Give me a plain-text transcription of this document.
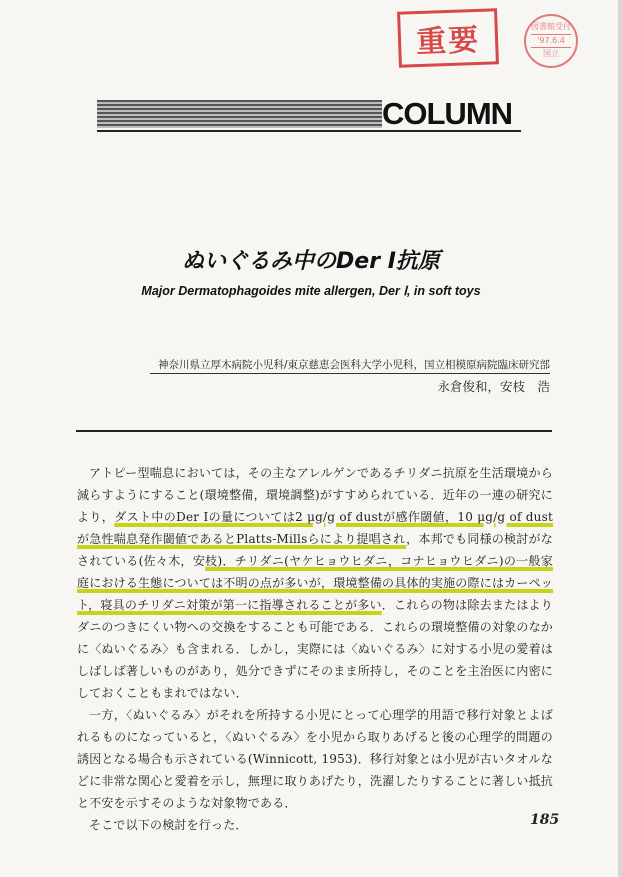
重要	図書館受付
'97.6.4
国立
COLUMN
ぬいぐるみ中のDer I抗原
Major Dermatophagoides mite allergen, Der Ⅰ, in soft toys
神奈川県立厚木病院小児科/東京慈恵会医科大学小児科，国立相模原病院臨床研究部
永倉俊和，安枝　浩

アトピー型喘息においては，その主なアレルゲンであるチリダニ抗原を生活環境から減らすようにすること(環境整備，環境調整)がすすめられている．近年の一連の研究により，ダスト中のDer Ⅰの量については2 μg/g of dustが感作閾値，10 μg/g of dustが急性喘息発作閾値であるとPlatts-Millsらにより提唱され，本邦でも同様の検討がなされている(佐々木，安枝)．チリダニ(ヤケヒョウヒダニ，コナヒョウヒダニ)の一般家庭における生態については不明の点が多いが，環境整備の具体的実施の際にはカーペット，寝具のチリダニ対策が第一に指導されることが多い．これらの物は除去またはよりダニのつきにくい物への交換をすることも可能である．これらの環境整備の対象のなかに〈ぬいぐるみ〉も含まれる．しかし，実際には〈ぬいぐるみ〉に対する小児の愛着はしばしば著しいものがあり，処分できずにそのまま所持し，そのことを主治医に内密にしておくこともまれではない．

一方，〈ぬいぐるみ〉がそれを所持する小児にとって心理学的用語で移行対象とよばれるものになっていると，〈ぬいぐるみ〉を小児から取りあげると後の心理学的問題の誘因となる場合も示されている(Winnicott, 1953)．移行対象とは小児が古いタオルなどに非常な関心と愛着を示し，無理に取りあげたり，洗濯したりすることに著しい抵抗と不安を示すそのような対象物である．

そこで以下の検討を行った．	185
